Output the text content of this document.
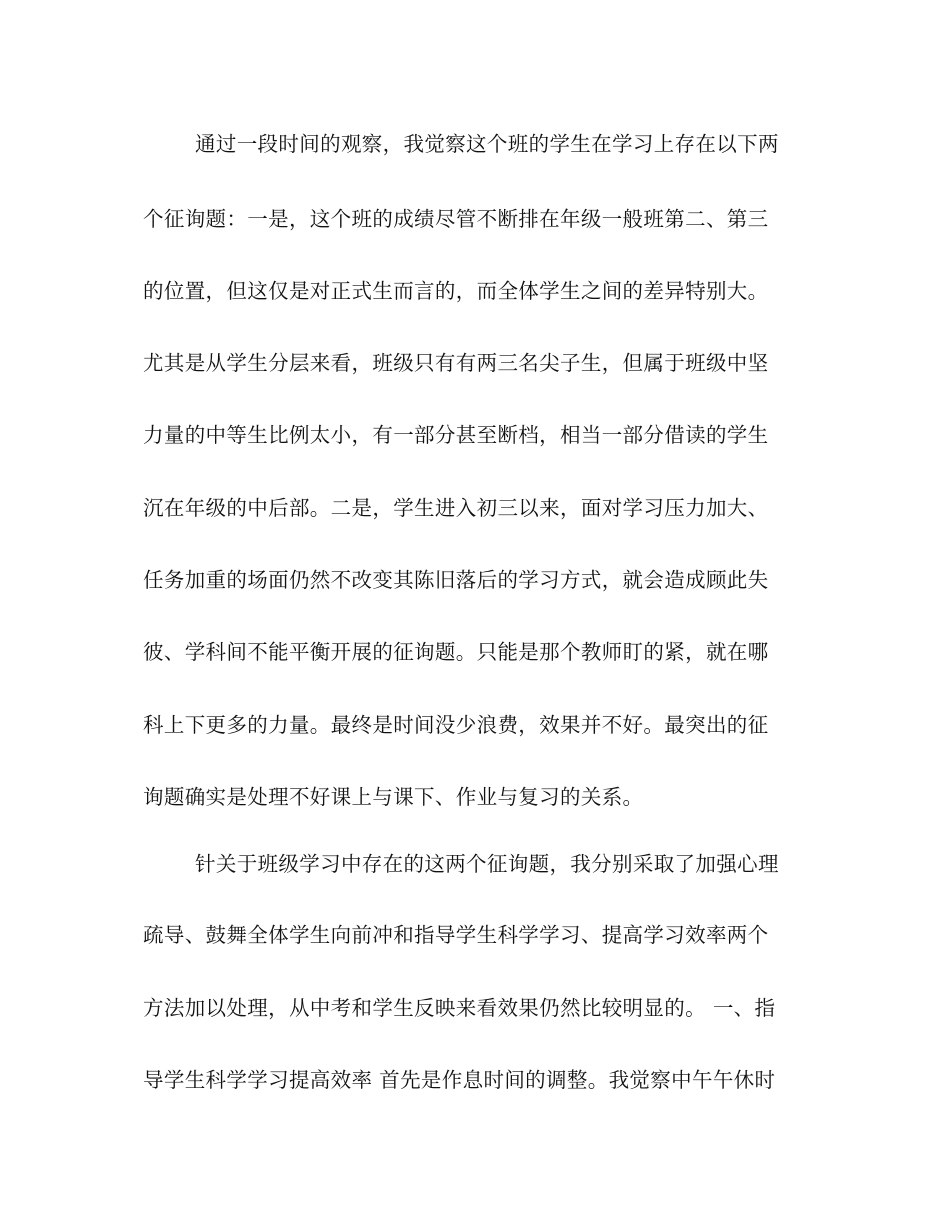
通过一段时间的观察，我觉察这个班的学生在学习上存在以下两

个征询题：一是，这个班的成绩尽管不断排在年级一般班第二、第三

的位置，但这仅是对正式生而言的，而全体学生之间的差异特别大。

尤其是从学生分层来看，班级只有有两三名尖子生，但属于班级中坚

力量的中等生比例太小，有一部分甚至断档，相当一部分借读的学生

沉在年级的中后部。二是，学生进入初三以来，面对学习压力加大、

任务加重的场面仍然不改变其陈旧落后的学习方式，就会造成顾此失

彼、学科间不能平衡开展的征询题。只能是那个教师盯的紧，就在哪

科上下更多的力量。最终是时间没少浪费，效果并不好。最突出的征

询题确实是处理不好课上与课下、作业与复习的关系。

针关于班级学习中存在的这两个征询题，我分别采取了加强心理

疏导、鼓舞全体学生向前冲和指导学生科学学习、提高学习效率两个

方法加以处理，从中考和学生反映来看效果仍然比较明显的。 一、指

导学生科学学习提高效率 首先是作息时间的调整。我觉察中午午休时
